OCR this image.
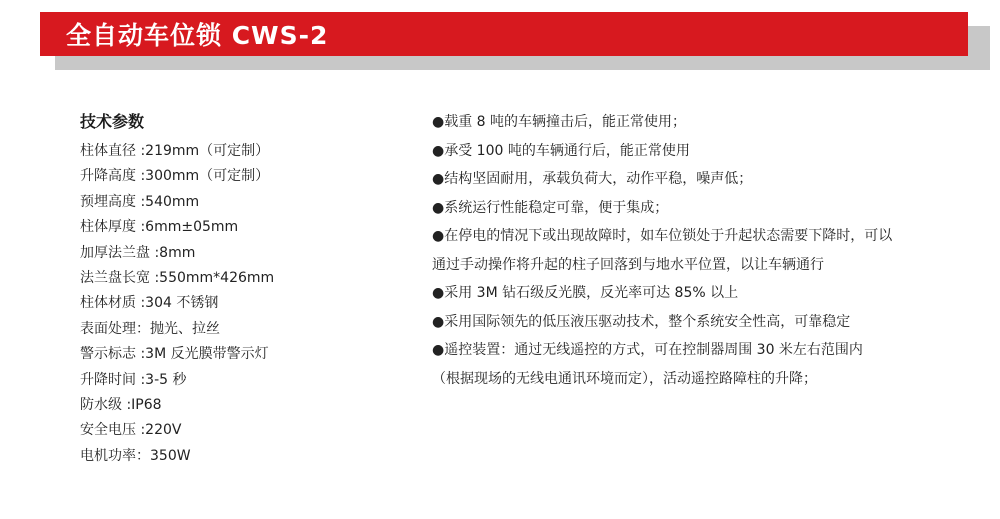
全自动车位锁 CWS-2
技术参数
柱体直径 :219mm（可定制）
升降高度 :300mm（可定制）
预埋高度 :540mm
柱体厚度 :6mm±05mm
加厚法兰盘 :8mm
法兰盘长宽 :550mm*426mm
柱体材质 :304 不锈钢
表面处理：抛光、拉丝
警示标志 :3M 反光膜带警示灯
升降时间 :3-5 秒
防水级 :IP68
安全电压 :220V
电机功率：350W
●载重 8 吨的车辆撞击后，能正常使用；
●承受 100 吨的车辆通行后，能正常使用
●结构坚固耐用，承载负荷大，动作平稳，噪声低；
●系统运行性能稳定可靠，便于集成；
●在停电的情况下或出现故障时，如车位锁处于升起状态需要下降时，可以
通过手动操作将升起的柱子回落到与地水平位置，以让车辆通行
●采用 3M 钻石级反光膜，反光率可达 85% 以上
●采用国际领先的低压液压驱动技术，整个系统安全性高，可靠稳定
●遥控装置：通过无线遥控的方式，可在控制器周围 30 米左右范围内
（根据现场的无线电通讯环境而定），活动遥控路障柱的升降；
